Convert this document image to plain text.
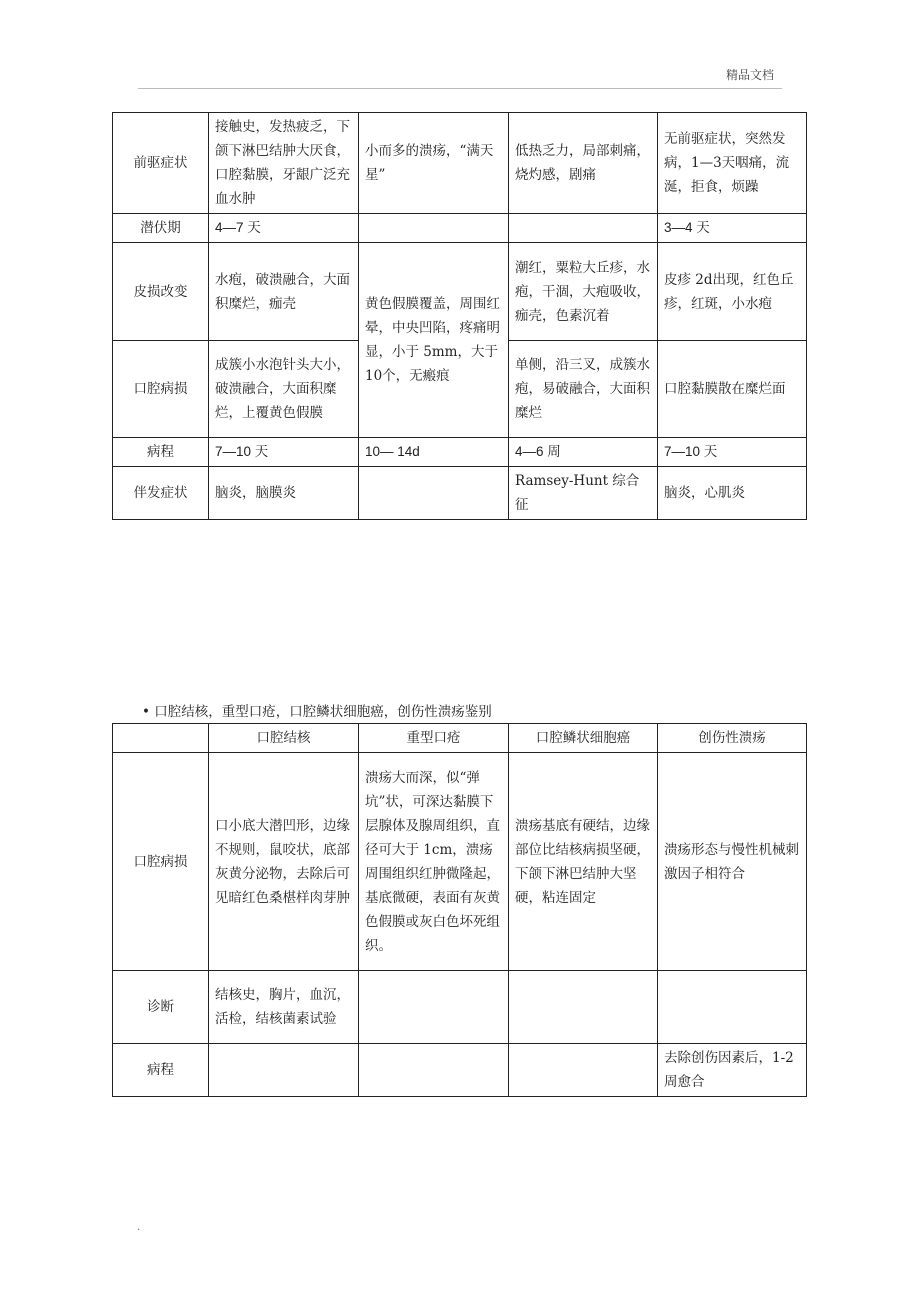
精品文档
前驱症状	接触史，发热疲乏，下颌下淋巴结肿大厌食，口腔黏膜，牙龈广泛充血水肿	小而多的溃疡，“满天星”	低热乏力，局部刺痛，烧灼感，剧痛	无前驱症状，突然发病，1—3天咽痛，流涎，拒食，烦躁
潜伏期	4—7 天			3—4 天
皮损改变	水疱，破溃融合，大面积糜烂，痂壳	黄色假膜覆盖，周围红晕，中央凹陷，疼痛明显，小于 5mm，大于 10个，无瘢痕	潮红，粟粒大丘疹，水疱，干涸，大疱吸收，痂壳，色素沉着	皮疹 2d出现，红色丘疹，红斑，小水疱
口腔病损	成簇小水泡针头大小，破溃融合，大面积糜烂，上覆黄色假膜		单侧，沿三叉，成簇水疱，易破融合，大面积糜烂	口腔黏膜散在糜烂面
病程	7—10 天	10— 14d	4—6 周	7—10 天
伴发症状	脑炎，脑膜炎		Ramsey-Hunt 综合征	脑炎，心肌炎
• 口腔结核，重型口疮，口腔鳞状细胞癌，创伤性溃疡鉴别
	口腔结核	重型口疮	口腔鳞状细胞癌	创伤性溃疡
口腔病损	口小底大潜凹形，边缘不规则，鼠咬状，底部灰黄分泌物，去除后可见暗红色桑椹样肉芽肿	溃疡大而深，似“弹坑”状，可深达黏膜下层腺体及腺周组织，直径可大于 1cm，溃疡周围组织红肿微隆起，基底微硬，表面有灰黄色假膜或灰白色坏死组织。	溃疡基底有硬结，边缘部位比结核病损坚硬，下颌下淋巴结肿大坚硬，粘连固定	溃疡形态与慢性机械刺激因子相符合
诊断	结核史，胸片，血沉，活检，结核菌素试验			
病程				去除创伤因素后，1-2 周愈合
.
